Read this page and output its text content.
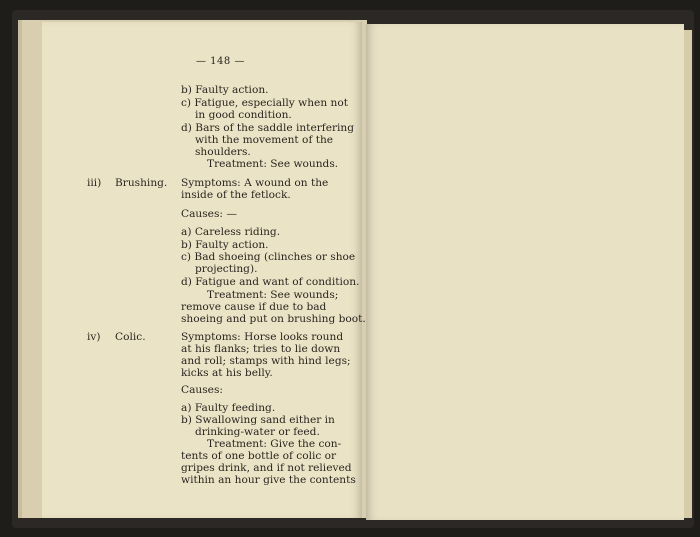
— 148 —
b) Faulty action.
c) Fatigue, especially when not
in good condition.
d) Bars of the saddle interfering
with the movement of the
shoulders.
Treatment: See wounds.
iii) Brushing. Symptoms: A wound on the
inside of the fetlock.
Causes: —
a) Careless riding.
b) Faulty action.
c) Bad shoeing (clinches or shoe
projecting).
d) Fatigue and want of condition.
Treatment: See wounds;
remove cause if due to bad
shoeing and put on brushing boot.
iv) Colic.	Symptoms: Horse looks round
at his flanks; tries to lie down
and roll; stamps with hind legs;
kicks at his belly.
Causes:
a) Faulty feeding.
b) Swallowing sand either in
drinking-water or feed.
Treatment: Give the con-
tents of one bottle of colic or
gripes drink, and if not relieved
within an hour give the contents
